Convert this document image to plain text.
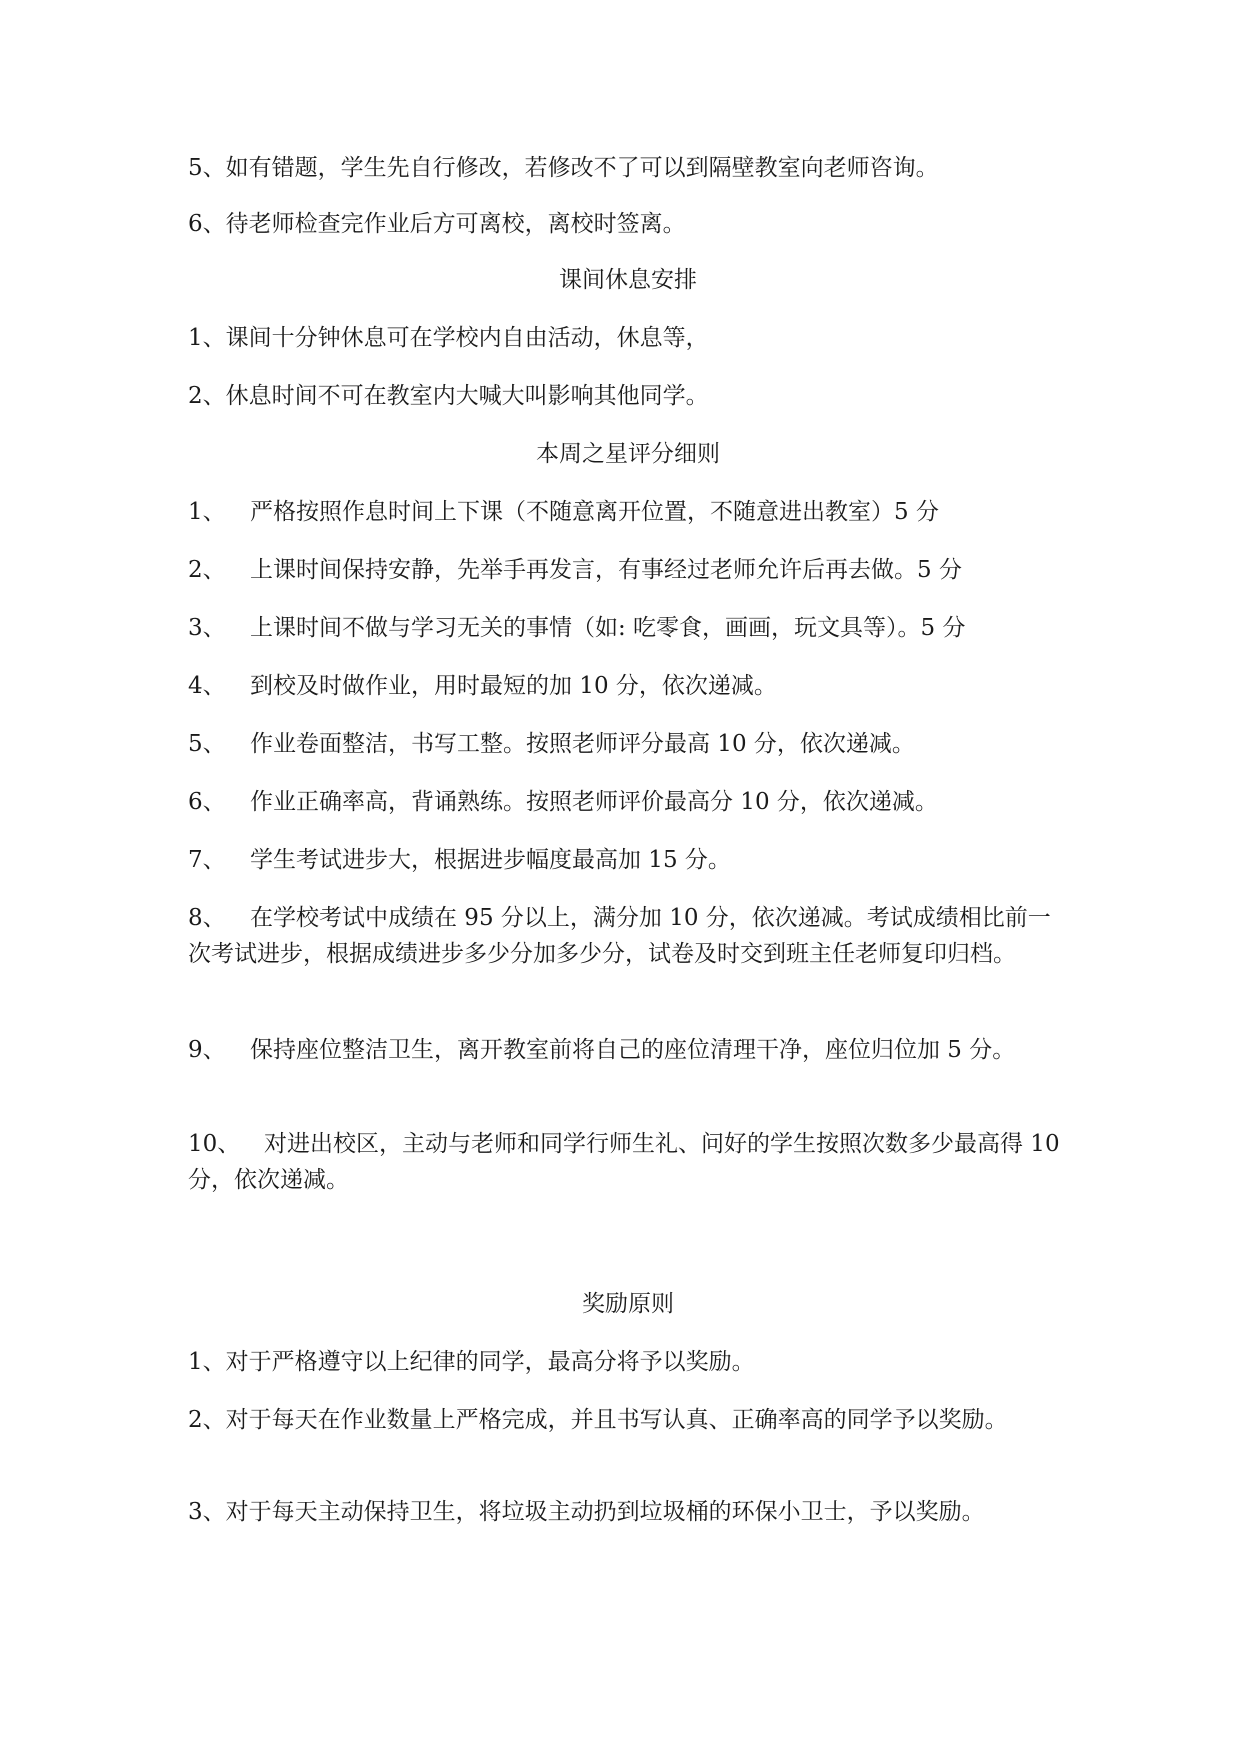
5、如有错题，学生先自行修改，若修改不了可以到隔壁教室向老师咨询。
6、待老师检查完作业后方可离校，离校时签离。
课间休息安排
1、课间十分钟休息可在学校内自由活动，休息等，
2、休息时间不可在教室内大喊大叫影响其他同学。
本周之星评分细则
1、 严格按照作息时间上下课（不随意离开位置，不随意进出教室）5 分
2、 上课时间保持安静，先举手再发言，有事经过老师允许后再去做。5 分
3、 上课时间不做与学习无关的事情（如: 吃零食，画画，玩文具等）。5 分
4、 到校及时做作业，用时最短的加 10 分，依次递减。
5、 作业卷面整洁，书写工整。按照老师评分最高 10 分，依次递减。
6、 作业正确率高，背诵熟练。按照老师评价最高分 10 分，依次递减。
7、 学生考试进步大，根据进步幅度最高加 15 分。
8、 在学校考试中成绩在 95 分以上，满分加 10 分，依次递减。考试成绩相比前一次考试进步，根据成绩进步多少分加多少分，试卷及时交到班主任老师复印归档。
9、 保持座位整洁卫生，离开教室前将自己的座位清理干净，座位归位加 5 分。
10、 对进出校区，主动与老师和同学行师生礼、问好的学生按照次数多少最高得 10 分，依次递减。
奖励原则
1、对于严格遵守以上纪律的同学，最高分将予以奖励。
2、对于每天在作业数量上严格完成，并且书写认真、正确率高的同学予以奖励。
3、对于每天主动保持卫生，将垃圾主动扔到垃圾桶的环保小卫士，予以奖励。
